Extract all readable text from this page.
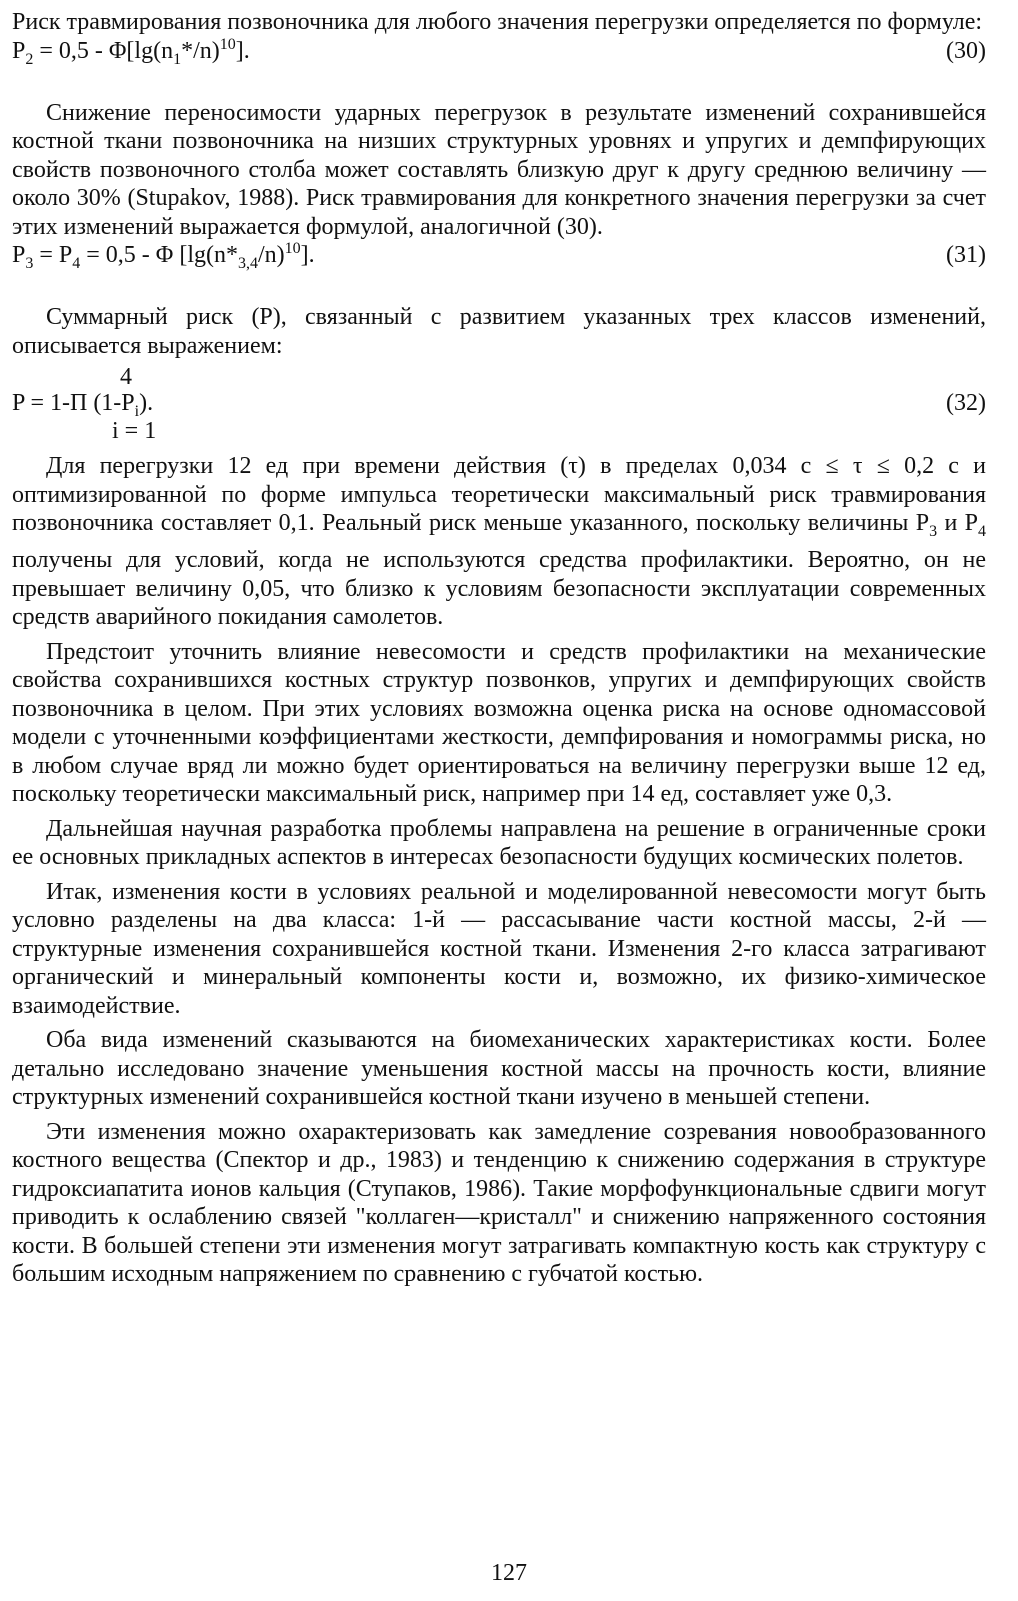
Риск травмирования позвоночника для любого значения перегрузки определяется по формуле:

$P_2 = 0,5 - \Phi[\lg(n_1*/n)^{10}]$.	(30)

Снижение переносимости ударных перегрузок в результате изменений сохранившейся костной ткани позвоночника на низших структурных уровнях и упругих и демпфирующих свойств позвоночного столба может составлять близкую друг к другу среднюю величину — около 30% (Stupakov, 1988). Риск травмирования для конкретного значения перегрузки за счет этих изменений выражается формулой, аналогичной (30).

$P_3 = P_4 = 0,5 - \Phi$ $[\lg(n*_{3,4}/n)^{10}]$.	(31)

Суммарный риск (Р), связанный с развитием указанных трех классов изменений, описывается выражением:

4
P = 1-Π $(1-P_i)$.
i = 1
(32)

Для перегрузки 12 ед при времени действия (τ) в пределах 0,034 с ≤ τ ≤ 0,2 с и оптимизированной по форме импульса теоретически максимальный риск травмирования позвоночника составляет 0,1. Реальный риск меньше указанного, поскольку величины $P_3$ и $P_4$ получены для условий, когда не используются средства профилактики. Вероятно, он не превышает величину 0,05, что близко к условиям безопасности эксплуатации современных средств аварийного покидания самолетов.

Предстоит уточнить влияние невесомости и средств профилактики на механические свойства сохранившихся костных структур позвонков, упругих и демпфирующих свойств позвоночника в целом. При этих условиях возможна оценка риска на основе одномассовой модели с уточненными коэффициентами жесткости, демпфирования и номограммы риска, но в любом случае вряд ли можно будет ориентироваться на величину перегрузки выше 12 ед, поскольку теоретически максимальный риск, например при 14 ед, составляет уже 0,3.

Дальнейшая научная разработка проблемы направлена на решение в ограниченные сроки ее основных прикладных аспектов в интересах безопасности будущих космических полетов.

Итак, изменения кости в условиях реальной и моделированной невесомости могут быть условно разделены на два класса: 1-й — рассасывание части костной массы, 2-й — структурные изменения сохранившейся костной ткани. Изменения 2-го класса затрагивают органический и минеральный компоненты кости и, возможно, их физико-химическое взаимодействие.

Оба вида изменений сказываются на биомеханических характеристиках кости. Более детально исследовано значение уменьшения костной массы на прочность кости, влияние структурных изменений сохранившейся костной ткани изучено в меньшей степени.

Эти изменения можно охарактеризовать как замедление созревания новообразованного костного вещества (Спектор и др., 1983) и тенденцию к снижению содержания в структуре гидроксиапатита ионов кальция (Ступаков, 1986). Такие морфофункциональные сдвиги могут приводить к ослаблению связей "коллаген—кристалл" и снижению напряженного состояния кости. В большей степени эти изменения могут затрагивать компактную кость как структуру с большим исходным напряжением по сравнению с губчатой костью.

127
